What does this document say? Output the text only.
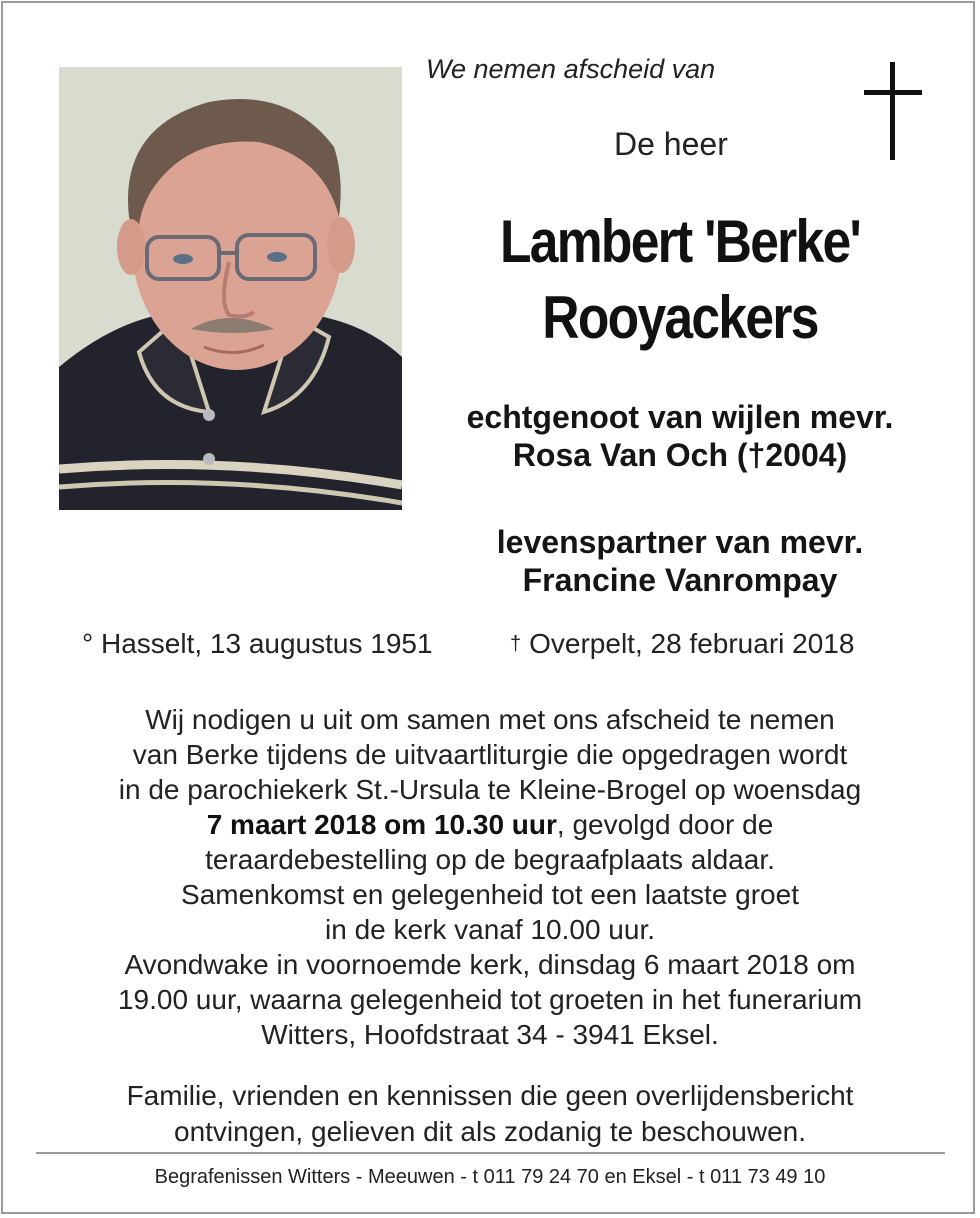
We nemen afscheid van
De heer
Lambert 'Berke'
Rooyackers
echtgenoot van wijlen mevr.
Rosa Van Och (†2004)
levenspartner van mevr.
Francine Vanrompay
° Hasselt, 13 augustus 1951	† Overpelt, 28 februari 2018

Wij nodigen u uit om samen met ons afscheid te nemen

van Berke tijdens de uitvaartliturgie die opgedragen wordt

in de parochiekerk St.-Ursula te Kleine-Brogel op woensdag

7 maart 2018 om 10.30 uur, gevolgd door de

teraardebestelling op de begraafplaats aldaar.

Samenkomst en gelegenheid tot een laatste groet

in de kerk vanaf 10.00 uur.

Avondwake in voornoemde kerk, dinsdag 6 maart 2018 om

19.00 uur, waarna gelegenheid tot groeten in het funerarium

Witters, Hoofdstraat 34 - 3941 Eksel.

Familie, vrienden en kennissen die geen overlijdensbericht

ontvingen, gelieven dit als zodanig te beschouwen.

Begrafenissen Witters - Meeuwen - t 011 79 24 70 en Eksel - t 011 73 49 10
